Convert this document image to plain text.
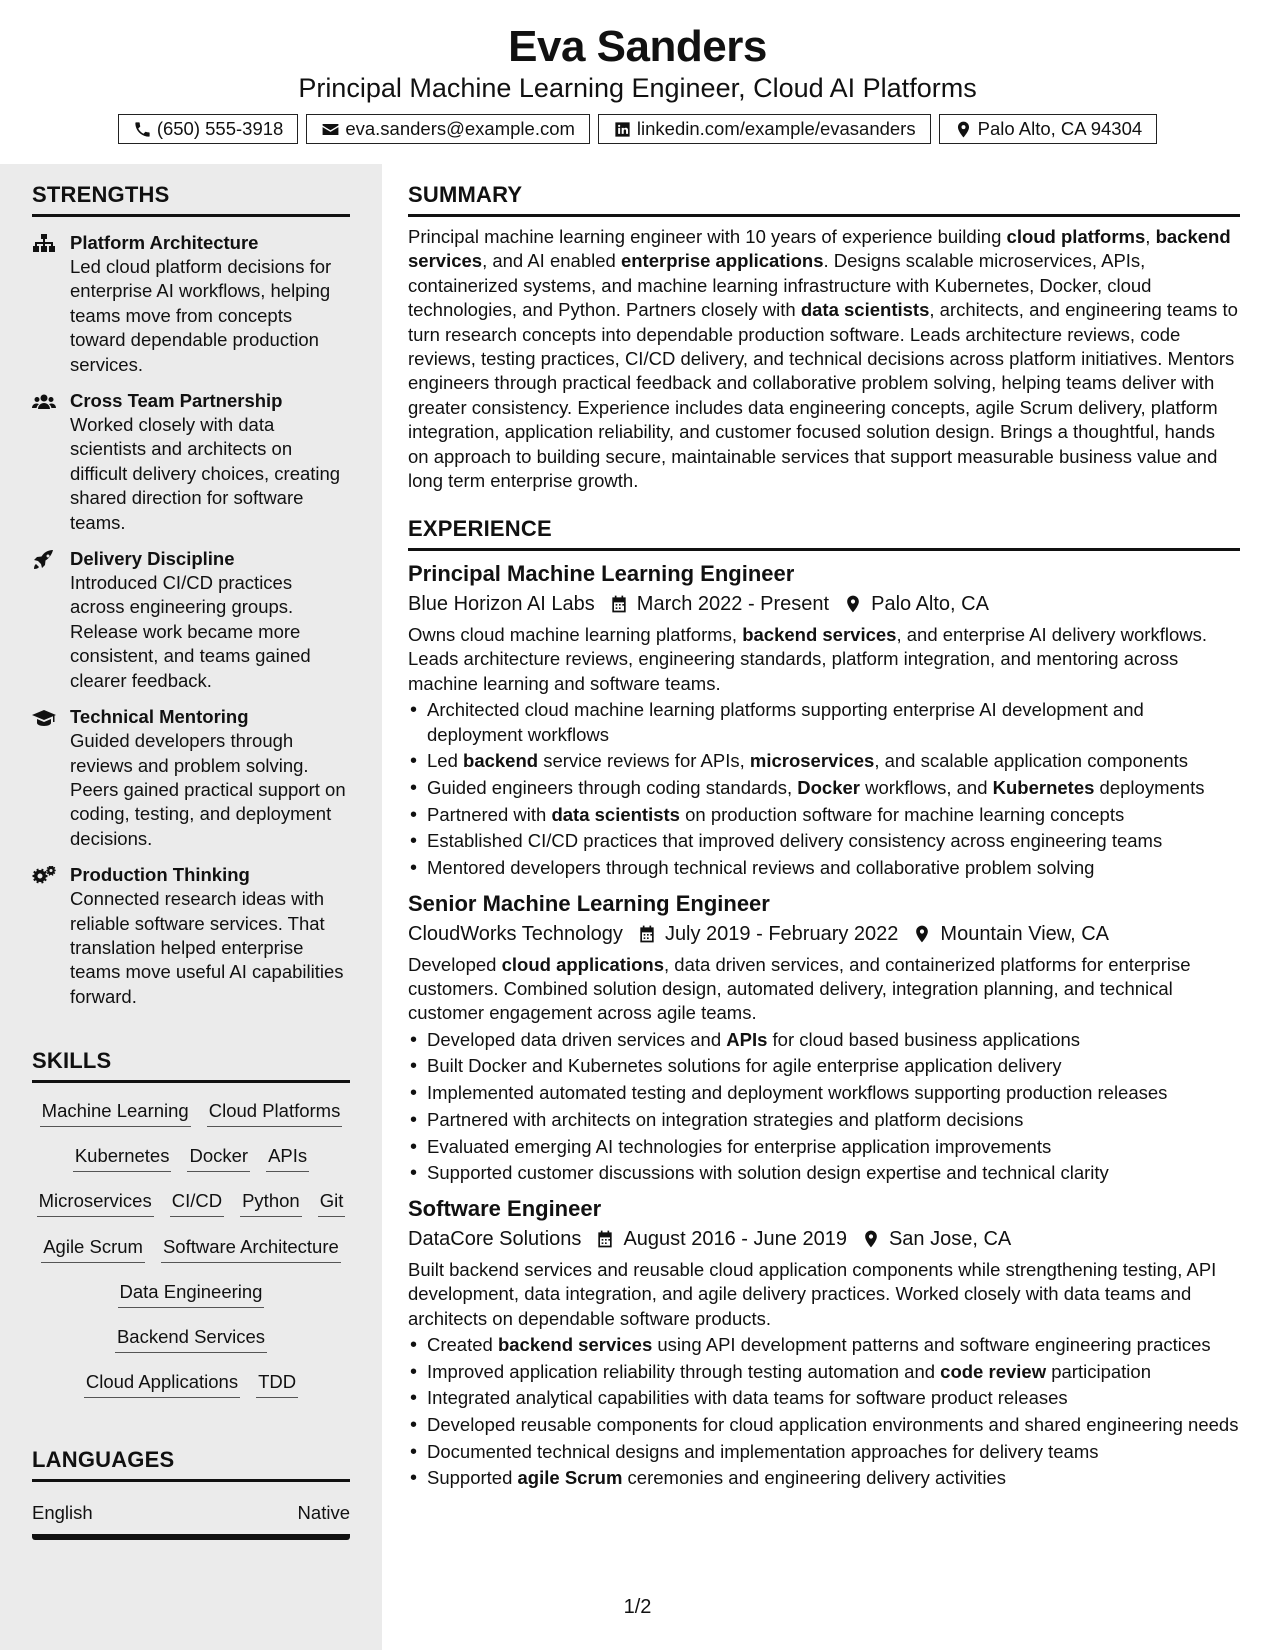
Eva Sanders
Principal Machine Learning Engineer, Cloud AI Platforms
(650) 555-3918	eva.sanders@example.com	linkedin.com/example/evasanders	Palo Alto, CA 94304
STRENGTHS
Platform Architecture
Led cloud platform decisions for enterprise AI workflows, helping teams move from concepts toward dependable production services.
Cross Team Partnership
Worked closely with data scientists and architects on difficult delivery choices, creating shared direction for software teams.
Delivery Discipline
Introduced CI/CD practices across engineering groups. Release work became more consistent, and teams gained clearer feedback.
Technical Mentoring
Guided developers through reviews and problem solving. Peers gained practical support on coding, testing, and deployment decisions.
Production Thinking
Connected research ideas with reliable software services. That translation helped enterprise teams move useful AI capabilities forward.
SKILLS
Machine Learning Cloud Platforms
Kubernetes Docker APIs
Microservices CI/CD Python Git
Agile Scrum Software Architecture
Data Engineering
Backend Services
Cloud Applications TDD
LANGUAGES
English	Native
SUMMARY
Principal machine learning engineer with 10 years of experience building cloud platforms, backend services, and AI enabled enterprise applications. Designs scalable microservices, APIs, containerized systems, and machine learning infrastructure with Kubernetes, Docker, cloud technologies, and Python. Partners closely with data scientists, architects, and engineering teams to turn research concepts into dependable production software. Leads architecture reviews, code reviews, testing practices, CI/CD delivery, and technical decisions across platform initiatives. Mentors engineers through practical feedback and collaborative problem solving, helping teams deliver with greater consistency. Experience includes data engineering concepts, agile Scrum delivery, platform integration, application reliability, and customer focused solution design. Brings a thoughtful, hands on approach to building secure, maintainable services that support measurable business value and long term enterprise growth.
EXPERIENCE
Principal Machine Learning Engineer
Blue Horizon AI Labs March 2022 - Present Palo Alto, CA
Owns cloud machine learning platforms, backend services, and enterprise AI delivery workflows. Leads architecture reviews, engineering standards, platform integration, and mentoring across machine learning and software teams.
• Architected cloud machine learning platforms supporting enterprise AI development and deployment workflows
• Led backend service reviews for APIs, microservices, and scalable application components
• Guided engineers through coding standards, Docker workflows, and Kubernetes deployments
• Partnered with data scientists on production software for machine learning concepts
• Established CI/CD practices that improved delivery consistency across engineering teams
• Mentored developers through technical reviews and collaborative problem solving
Senior Machine Learning Engineer
CloudWorks Technology July 2019 - February 2022 Mountain View, CA
Developed cloud applications, data driven services, and containerized platforms for enterprise customers. Combined solution design, automated delivery, integration planning, and technical customer engagement across agile teams.
• Developed data driven services and APIs for cloud based business applications
• Built Docker and Kubernetes solutions for agile enterprise application delivery
• Implemented automated testing and deployment workflows supporting production releases
• Partnered with architects on integration strategies and platform decisions
• Evaluated emerging AI technologies for enterprise application improvements
• Supported customer discussions with solution design expertise and technical clarity
Software Engineer
DataCore Solutions August 2016 - June 2019 San Jose, CA
Built backend services and reusable cloud application components while strengthening testing, API development, data integration, and agile delivery practices. Worked closely with data teams and architects on dependable software products.
• Created backend services using API development patterns and software engineering practices
• Improved application reliability through testing automation and code review participation
• Integrated analytical capabilities with data teams for software product releases
• Developed reusable components for cloud application environments and shared engineering needs
• Documented technical designs and implementation approaches for delivery teams
• Supported agile Scrum ceremonies and engineering delivery activities
1/2
